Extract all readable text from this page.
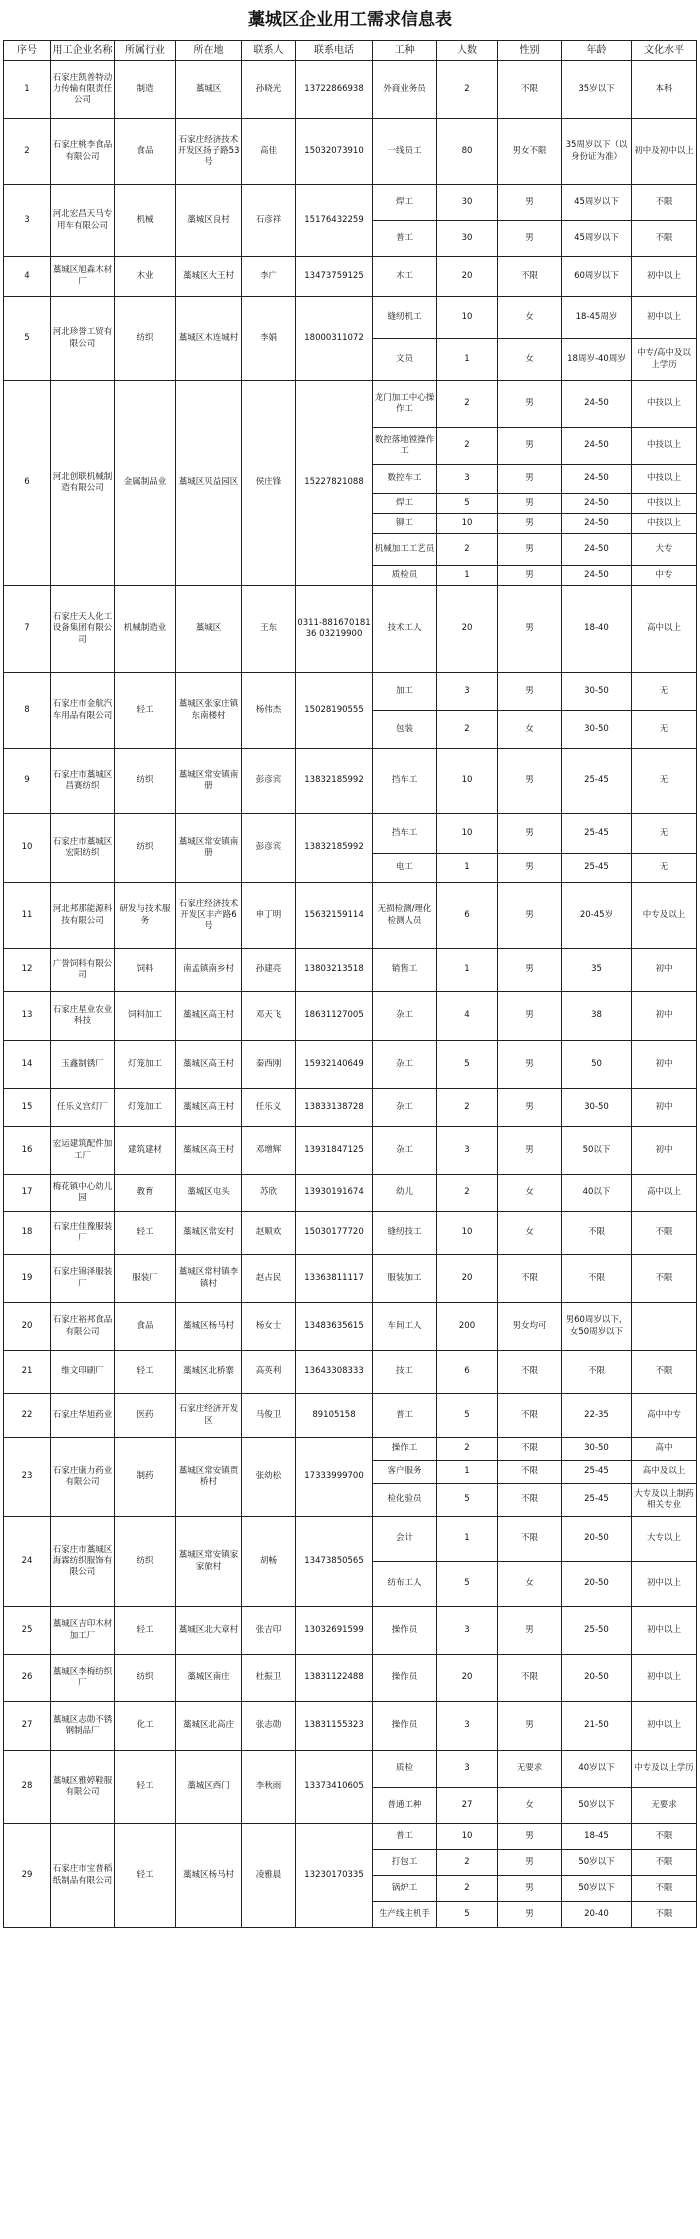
藁城区企业用工需求信息表
序号	用工企业名称	所属行业	所在地	联系人	联系电话	工种	人数	性别	年龄	文化水平
1	石家庄凯普特动力传输有限责任公司	制造	藁城区	孙晓光	13722866938	外商业务员	2	不限	35岁以下	本科
2	石家庄桃李食品有限公司	食品	石家庄经济技术开发区扬子路53号	高佳	15032073910	一线员工	80	男女不限	35周岁以下（以身份证为准）	初中及初中以上
3	河北宏昌天马专用车有限公司	机械	藁城区良村	石彦祥	15176432259	焊工	30	男	45周岁以下	不限
						普工	30	男	45周岁以下	不限
4	藁城区旭森木材厂	木业	藁城区大王村	李广	13473759125	木工	20	不限	60周岁以下	初中以上
5	河北珍誉工贸有限公司	纺织	藁城区木连城村	李娟	18000311072	缝纫机工	10	女	18-45周岁	初中以上
						文员	1	女	18周岁-40周岁	中专/高中及以上学历
6	河北创联机械制造有限公司	金属制品业	藁城区贝益园区	侯庄锋	15227821088	龙门加工中心操作工	2	男	24-50	中技以上
						数控落地镗操作工	2	男	24-50	中技以上
						数控车工	3	男	24-50	中技以上
						焊工	5	男	24-50	中技以上
						铆工	10	男	24-50	中技以上
						机械加工工艺员	2	男	24-50	大专
						质检员	1	男	24-50	中专
7	石家庄天人化工设备集团有限公司	机械制造业	藁城区	王东	0311-88167018136 03219900	技术工人	20	男	18-40	高中以上
8	石家庄市金航汽车用品有限公司	轻工	藁城区张家庄镇东南楼村	杨伟杰	15028190555	加工	3	男	30-50	无
						包装	2	女	30-50	无
9	石家庄市藁城区昌赛纺织	纺织	藁城区常安镇南册	彭彦宾	13832185992	挡车工	10	男	25-45	无
10	石家庄市藁城区宏阳纺织	纺织	藁城区常安镇南册	彭彦宾	13832185992	挡车工	10	男	25-45	无
						电工	1	男	25-45	无
11	河北邦那能源科技有限公司	研发与技术服务	石家庄经济技术开发区丰产路6号	申丁明	15632159114	无损检测/理化检测人员	6	男	20-45岁	中专及以上
12	广誉饲料有限公司	饲料	南孟镇南乡村	孙建亮	13803213518	销售工	1	男	35	初中
13	石家庄星业农业科技	饲料加工	藁城区高王村	邓天飞	18631127005	杂工	4	男	38	初中
14	玉鑫制锈厂	灯笼加工	藁城区高王村	秦西刚	15932140649	杂工	5	男	50	初中
15	任乐义宫灯厂	灯笼加工	藁城区高王村	任乐义	13833138728	杂工	2	男	30-50	初中
16	宏运建筑配件加工厂	建筑建材	藁城区高王村	邓增辉	13931847125	杂工	3	男	50以下	初中
17	梅花镇中心幼儿园	教育	藁城区屯头	苏欣	13930191674	幼儿	2	女	40以下	高中以上
18	石家庄佳豫服装厂	轻工	藁城区常安村	赵顺欢	15030177720	缝纫技工	10	女	不限	不限
19	石家庄锦泽服装厂	服装厂	藁城区常村镇李镇村	赵占民	13363811117	服装加工	20	不限	不限	不限
20	石家庄裕邦食品有限公司	食品	藁城区杨马村	杨女士	13483635615	车间工人	200	男女均可	男60周岁以下，女50周岁以下	
21	维文印刷厂	轻工	藁城区北桥寨	高英利	13643308333	技工	6	不限	不限	不限
22	石家庄华旭药业	医药	石家庄经济开发区	马俊卫	89105158	普工	5	不限	22-35	高中中专
23	石家庄康力药业有限公司	制药	藁城区常安镇贾桥村	张幼松	17333999700	操作工	2	不限	30-50	高中
						客户服务	1	不限	25-45	高中及以上
						检化验员	5	不限	25-45	大专及以上制药相关专业
24	石家庄市藁城区海霖纺织服饰有限公司	纺织	藁城区常安镇家家旅村	胡畅	13473850565	会计	1	不限	20-50	大专以上
						纺布工人	5	女	20-50	初中以上
25	藁城区吉印木材加工厂	轻工	藁城区北大章村	张吉印	13032691599	操作员	3	男	25-50	初中以上
26	藁城区李梅纺织厂	纺织	藁城区南庄	杜振卫	13831122488	操作员	20	不限	20-50	初中以上
27	藁城区志勋不锈钢制品厂	化工	藁城区北高庄	张志勋	13831155323	操作员	3	男	21-50	初中以上
28	藁城区雅婷鞋服有限公司	轻工	藁城区西门	李秋雨	13373410605	质检	3	无要求	40岁以下	中专及以上学历
						普通工种	27	女	50岁以下	无要求
29	石家庄市宝普稻纸制品有限公司	轻工	藁城区杨马村	凌雅晨	13230170335	普工	10	男	18-45	不限
						打包工	2	男	50岁以下	不限
						锅炉工	2	男	50岁以下	不限
						生产线主机手	5	男	20-40	不限
